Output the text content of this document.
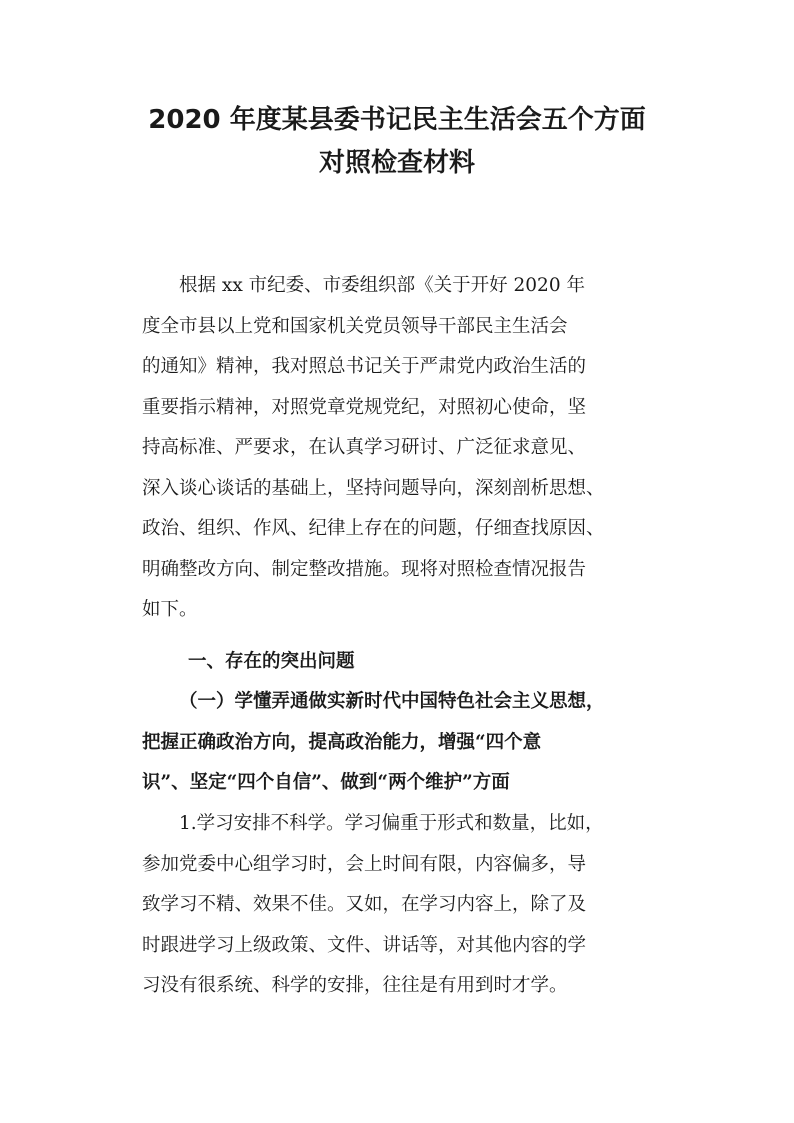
2020 年度某县委书记民主生活会五个方面
对照检查材料
根据 xx 市纪委、市委组织部《关于开好 2020 年
度全市县以上党和国家机关党员领导干部民主生活会
的通知》精神，我对照总书记关于严肃党内政治生活的
重要指示精神，对照党章党规党纪，对照初心使命，坚
持高标准、严要求，在认真学习研讨、广泛征求意见、
深入谈心谈话的基础上，坚持问题导向，深刻剖析思想、
政治、组织、作风、纪律上存在的问题，仔细查找原因、
明确整改方向、制定整改措施。现将对照检查情况报告
如下。
一、存在的突出问题
（一）学懂弄通做实新时代中国特色社会主义思想，
把握正确政治方向，提高政治能力，增强“四个意
识”、坚定“四个自信”、做到“两个维护”方面
1.学习安排不科学。学习偏重于形式和数量，比如，
参加党委中心组学习时，会上时间有限，内容偏多，导
致学习不精、效果不佳。又如，在学习内容上，除了及
时跟进学习上级政策、文件、讲话等，对其他内容的学
习没有很系统、科学的安排，往往是有用到时才学。
